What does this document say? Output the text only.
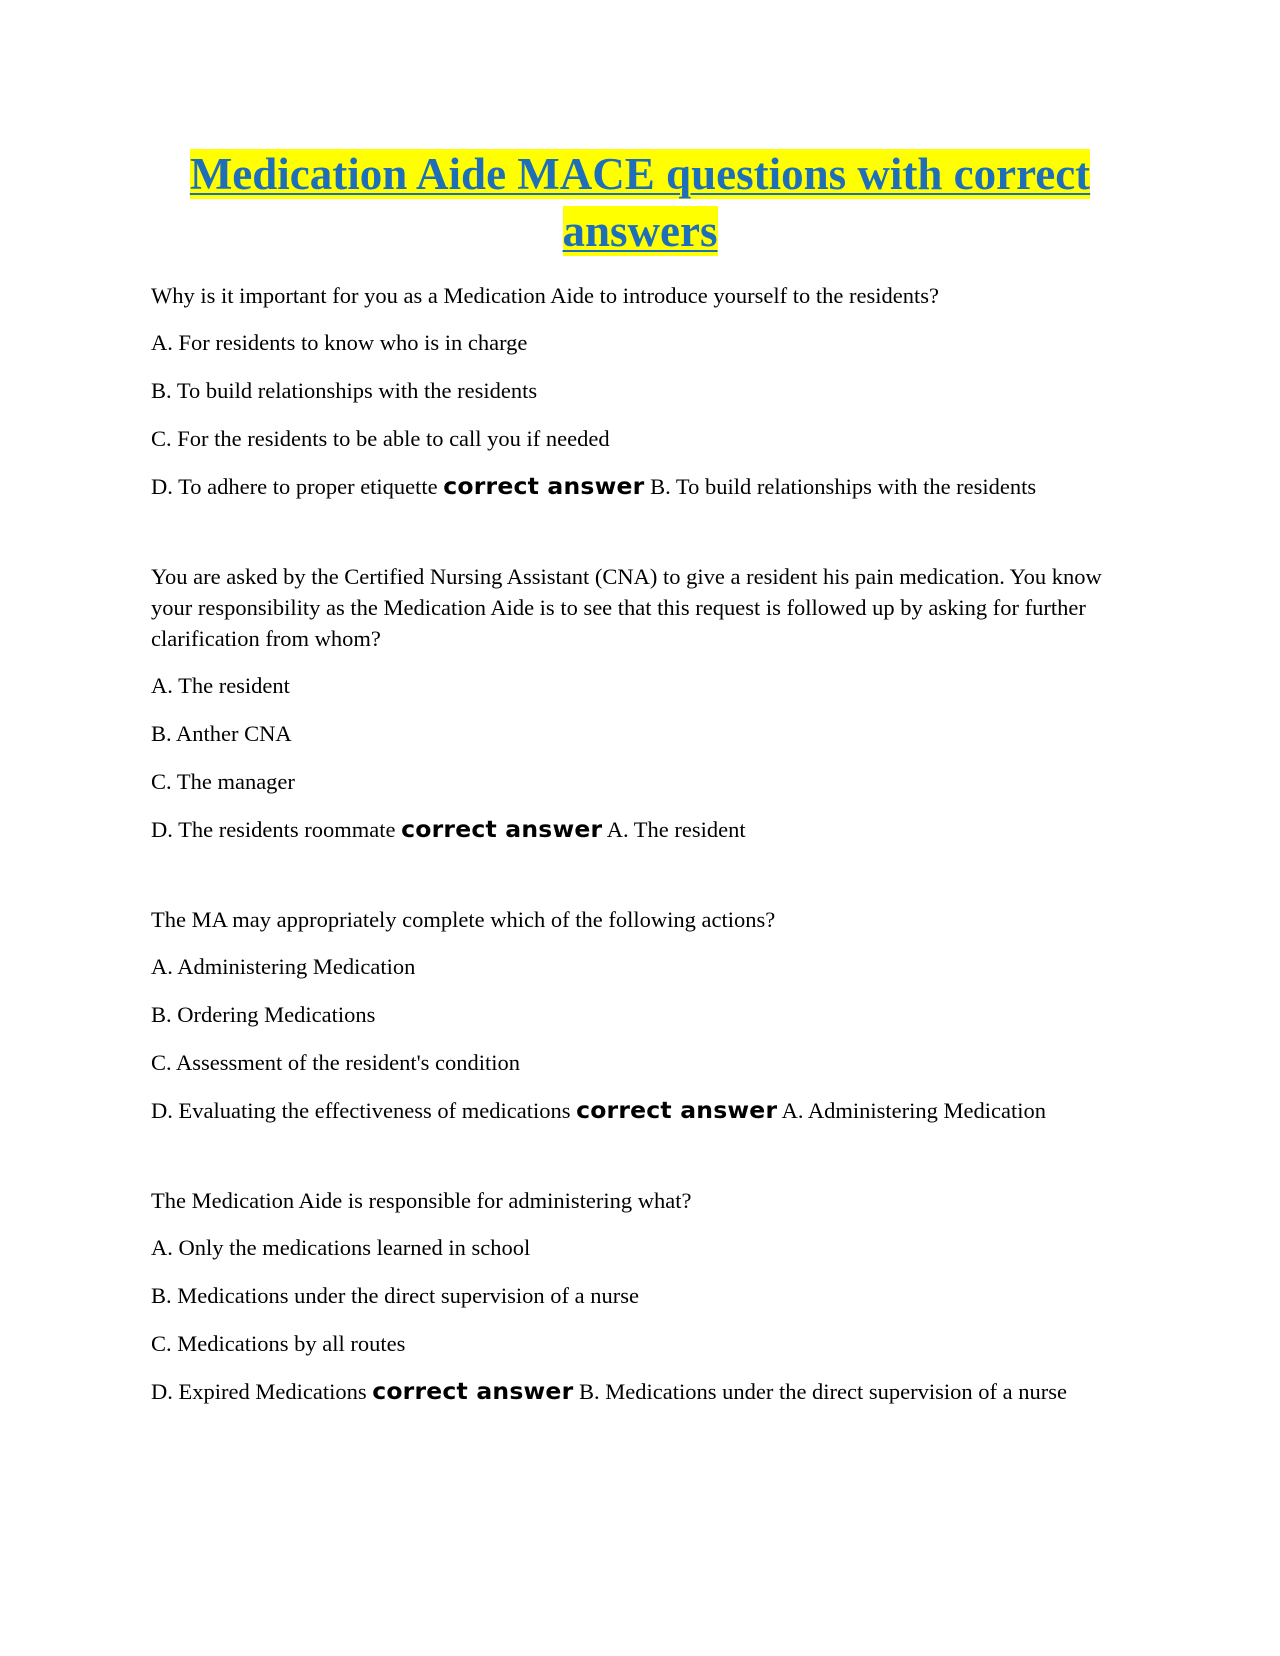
Medication Aide MACE questions with correct answers

Why is it important for you as a Medication Aide to introduce yourself to the residents?

A. For residents to know who is in charge

B. To build relationships with the residents

C. For the residents to be able to call you if needed

D. To adhere to proper etiquette correct answer B. To build relationships with the residents

You are asked by the Certified Nursing Assistant (CNA) to give a resident his pain medication. You know your responsibility as the Medication Aide is to see that this request is followed up by asking for further clarification from whom?

A. The resident

B. Anther CNA

C. The manager

D. The residents roommate correct answer A. The resident

The MA may appropriately complete which of the following actions?

A. Administering Medication

B. Ordering Medications

C. Assessment of the resident's condition

D. Evaluating the effectiveness of medications correct answer A. Administering Medication

The Medication Aide is responsible for administering what?

A. Only the medications learned in school

B. Medications under the direct supervision of a nurse

C. Medications by all routes

D. Expired Medications correct answer B. Medications under the direct supervision of a nurse
